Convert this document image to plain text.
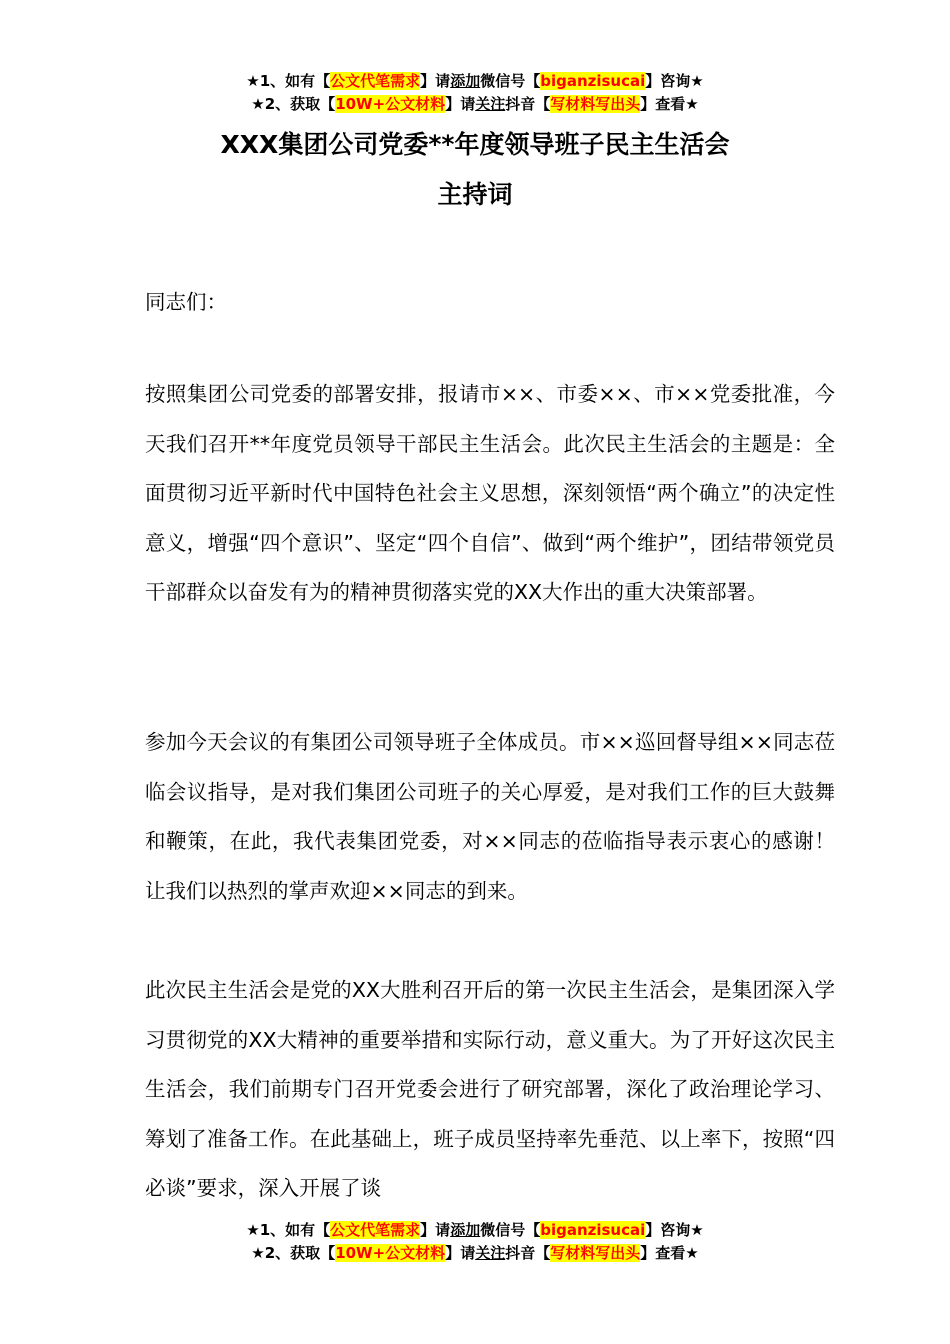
★1、如有【公文代笔需求】请添加微信号【biganzisucai】咨询★
★2、获取【10W+公文材料】请关注抖音【写材料写出头】查看★
XXX集团公司党委**年度领导班子民主生活会
主持词
同志们：
按照集团公司党委的部署安排，报请市××、市委××、市××党委批准，今天我们召开**年度党员领导干部民主生活会。此次民主生活会的主题是：全面贯彻习近平新时代中国特色社会主义思想，深刻领悟“两个确立”的决定性意义，增强“四个意识”、坚定“四个自信”、做到“两个维护”，团结带领党员干部群众以奋发有为的精神贯彻落实党的XX大作出的重大决策部署。
参加今天会议的有集团公司领导班子全体成员。市××巡回督导组××同志莅临会议指导，是对我们集团公司班子的关心厚爱，是对我们工作的巨大鼓舞和鞭策，在此，我代表集团党委，对××同志的莅临指导表示衷心的感谢！让我们以热烈的掌声欢迎××同志的到来。
此次民主生活会是党的XX大胜利召开后的第一次民主生活会，是集团深入学习贯彻党的XX大精神的重要举措和实际行动，意义重大。为了开好这次民主生活会，我们前期专门召开党委会进行了研究部署，深化了政治理论学习、筹划了准备工作。在此基础上，班子成员坚持率先垂范、以上率下，按照“四必谈”要求，深入开展了谈
★1、如有【公文代笔需求】请添加微信号【biganzisucai】咨询★
★2、获取【10W+公文材料】请关注抖音【写材料写出头】查看★
